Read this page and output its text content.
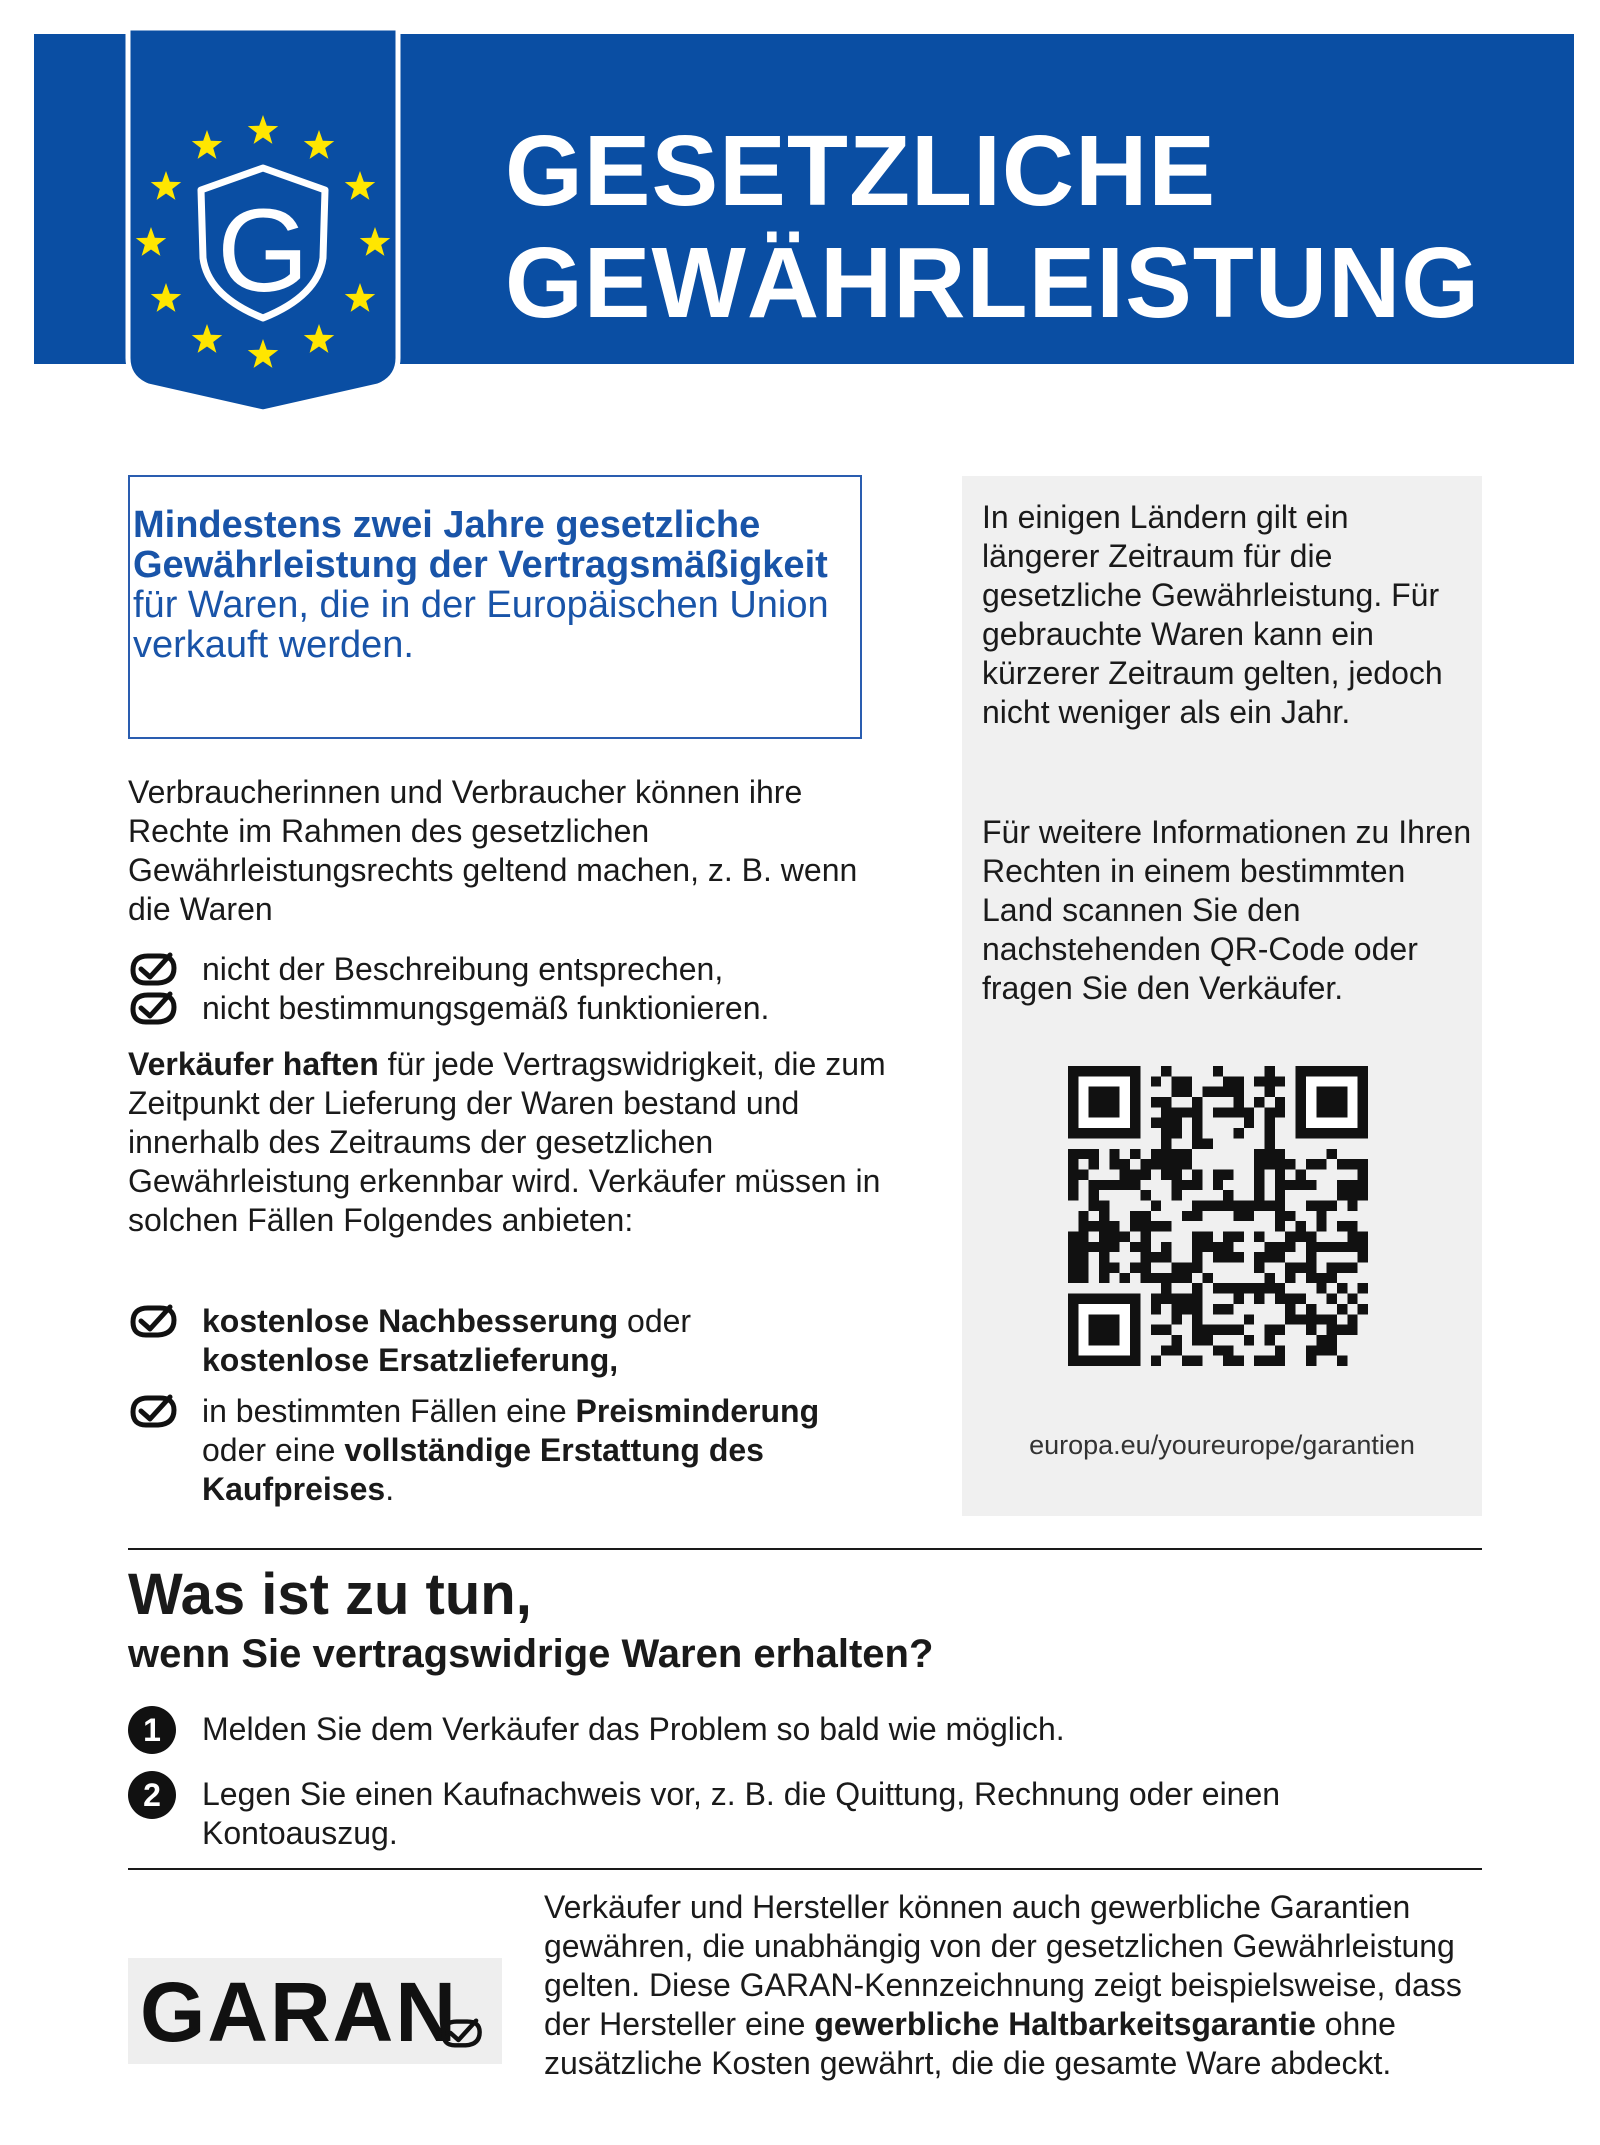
G
GESETZLICHE
GEWÄHRLEISTUNG
Mindestens zwei Jahre gesetzliche Gewährleistung der Vertragsmäßigkeit für Waren, die in der Europäischen Union verkauft werden.
Verbraucherinnen und Verbraucher können ihre Rechte im Rahmen des gesetzlichen Gewährleistungsrechts geltend machen, z. B. wenn die Waren
nicht der Beschreibung entsprechen,
nicht bestimmungsgemäß funktionieren.
Verkäufer haften für jede Vertragswidrigkeit, die zum Zeitpunkt der Lieferung der Waren bestand und innerhalb des Zeitraums der gesetzlichen Gewährleistung erkennbar wird. Verkäufer müssen in solchen Fällen Folgendes anbieten:
kostenlose Nachbesserung oder
kostenlose Ersatzlieferung,
in bestimmten Fällen eine Preisminderung oder eine vollständige Erstattung des Kaufpreises.
In einigen Ländern gilt ein längerer Zeitraum für die gesetzliche Gewährleistung. Für gebrauchte Waren kann ein kürzerer Zeitraum gelten, jedoch nicht weniger als ein Jahr.
Für weitere Informationen zu Ihren Rechten in einem bestimmten Land scannen Sie den nachstehenden QR-Code oder fragen Sie den Verkäufer.
europa.eu/youreurope/garantien
Was ist zu tun,
wenn Sie vertragswidrige Waren erhalten?
1	Melden Sie dem Verkäufer das Problem so bald wie möglich.
2	Legen Sie einen Kaufnachweis vor, z. B. die Quittung, Rechnung oder einen Kontoauszug.
GARAN
Verkäufer und Hersteller können auch gewerbliche Garantien gewähren, die unabhängig von der gesetzlichen Gewährleistung gelten. Diese GARAN-Kennzeichnung zeigt beispielsweise, dass der Hersteller eine gewerbliche Haltbarkeitsgarantie ohne zusätzliche Kosten gewährt, die die gesamte Ware abdeckt.
